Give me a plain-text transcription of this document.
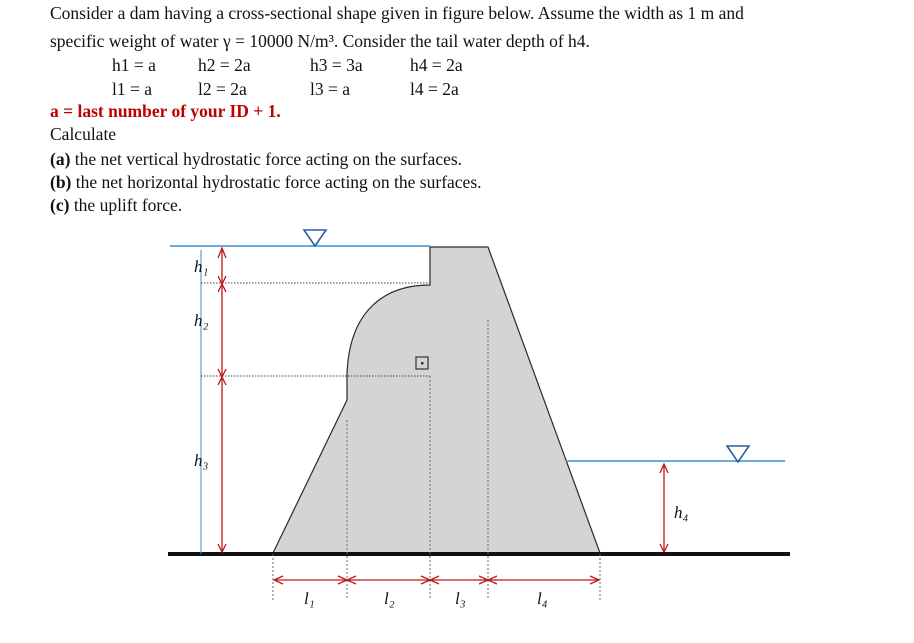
Consider a dam having a cross-sectional shape given in figure below. Assume the width as 1 m and
specific weight of water γ = 10000 N/m³. Consider the tail water depth of h4.
h1 = a h2 = 2a	h3 = 3a	h4 = 2a
l1 = a	l2 = 2a	l3 = a	l4 = 2a
a = last number of your ID + 1.
Calculate
(a) the net vertical hydrostatic force acting on the surfaces.
(b) the net horizontal hydrostatic force acting on the surfaces.
(c) the uplift force.
h₁
h₂
h₃
h₄
l₁	l₂	l₃	l₄
